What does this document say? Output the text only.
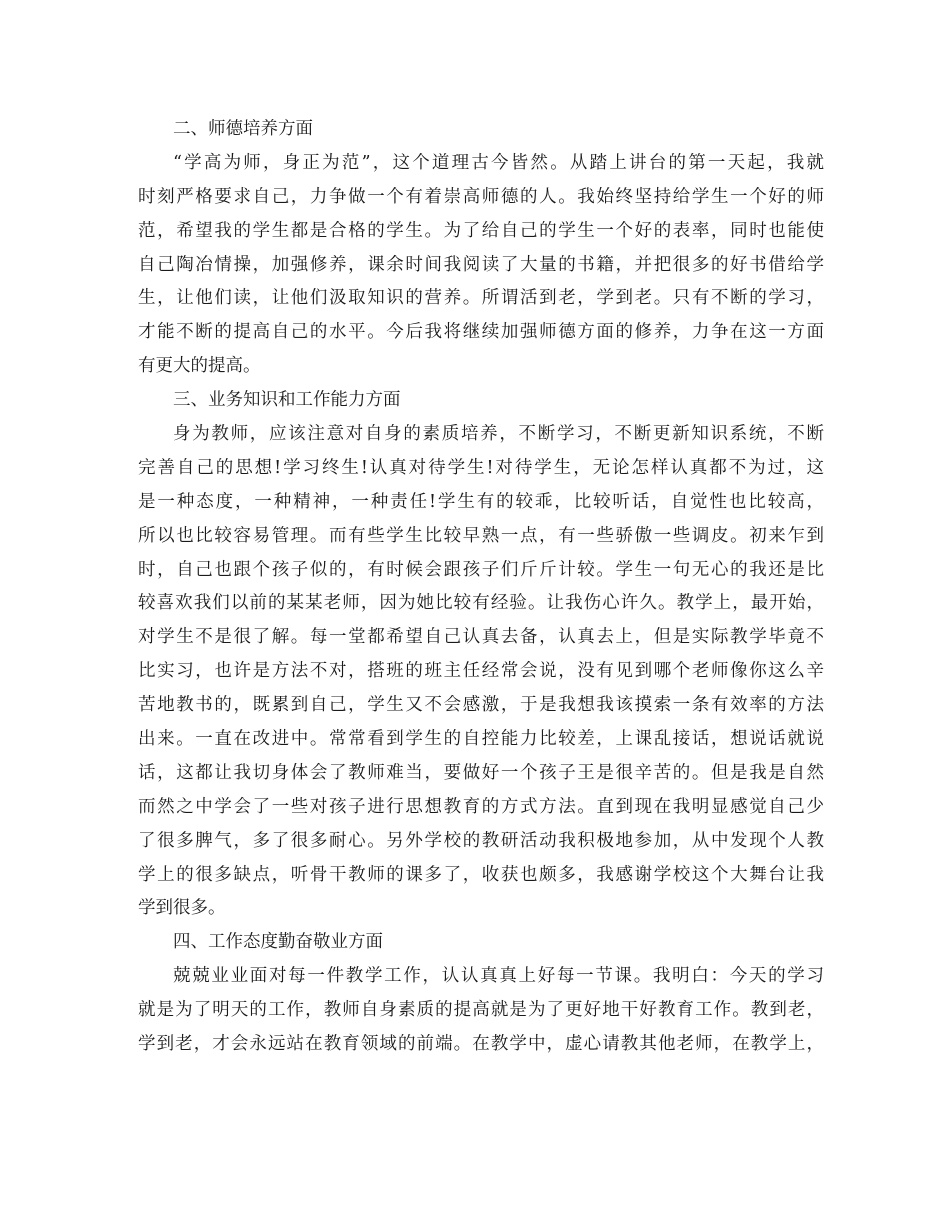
二、师德培养方面
“学高为师，身正为范”，这个道理古今皆然。从踏上讲台的第一天起，我就
时刻严格要求自己，力争做一个有着崇高师德的人。我始终坚持给学生一个好的师
范，希望我的学生都是合格的学生。为了给自己的学生一个好的表率，同时也能使
自己陶冶情操，加强修养，课余时间我阅读了大量的书籍，并把很多的好书借给学
生，让他们读，让他们汲取知识的营养。所谓活到老，学到老。只有不断的学习，
才能不断的提高自己的水平。今后我将继续加强师德方面的修养，力争在这一方面
有更大的提高。
三、业务知识和工作能力方面
身为教师，应该注意对自身的素质培养，不断学习，不断更新知识系统，不断
完善自己的思想!学习终生!认真对待学生!对待学生，无论怎样认真都不为过，这
是一种态度，一种精神，一种责任!学生有的较乖，比较听话，自觉性也比较高，
所以也比较容易管理。而有些学生比较早熟一点，有一些骄傲一些调皮。初来乍到
时，自己也跟个孩子似的，有时候会跟孩子们斤斤计较。学生一句无心的我还是比
较喜欢我们以前的某某老师，因为她比较有经验。让我伤心许久。教学上，最开始，
对学生不是很了解。每一堂都希望自己认真去备，认真去上，但是实际教学毕竟不
比实习，也许是方法不对，搭班的班主任经常会说，没有见到哪个老师像你这么辛
苦地教书的，既累到自己，学生又不会感激，于是我想我该摸索一条有效率的方法
出来。一直在改进中。常常看到学生的自控能力比较差，上课乱接话，想说话就说
话，这都让我切身体会了教师难当，要做好一个孩子王是很辛苦的。但是我是自然
而然之中学会了一些对孩子进行思想教育的方式方法。直到现在我明显感觉自己少
了很多脾气，多了很多耐心。另外学校的教研活动我积极地参加，从中发现个人教
学上的很多缺点，听骨干教师的课多了，收获也颇多，我感谢学校这个大舞台让我
学到很多。
四、工作态度勤奋敬业方面
兢兢业业面对每一件教学工作，认认真真上好每一节课。我明白：今天的学习
就是为了明天的工作，教师自身素质的提高就是为了更好地干好教育工作。教到老，
学到老，才会永远站在教育领域的前端。在教学中，虚心请教其他老师，在教学上，
